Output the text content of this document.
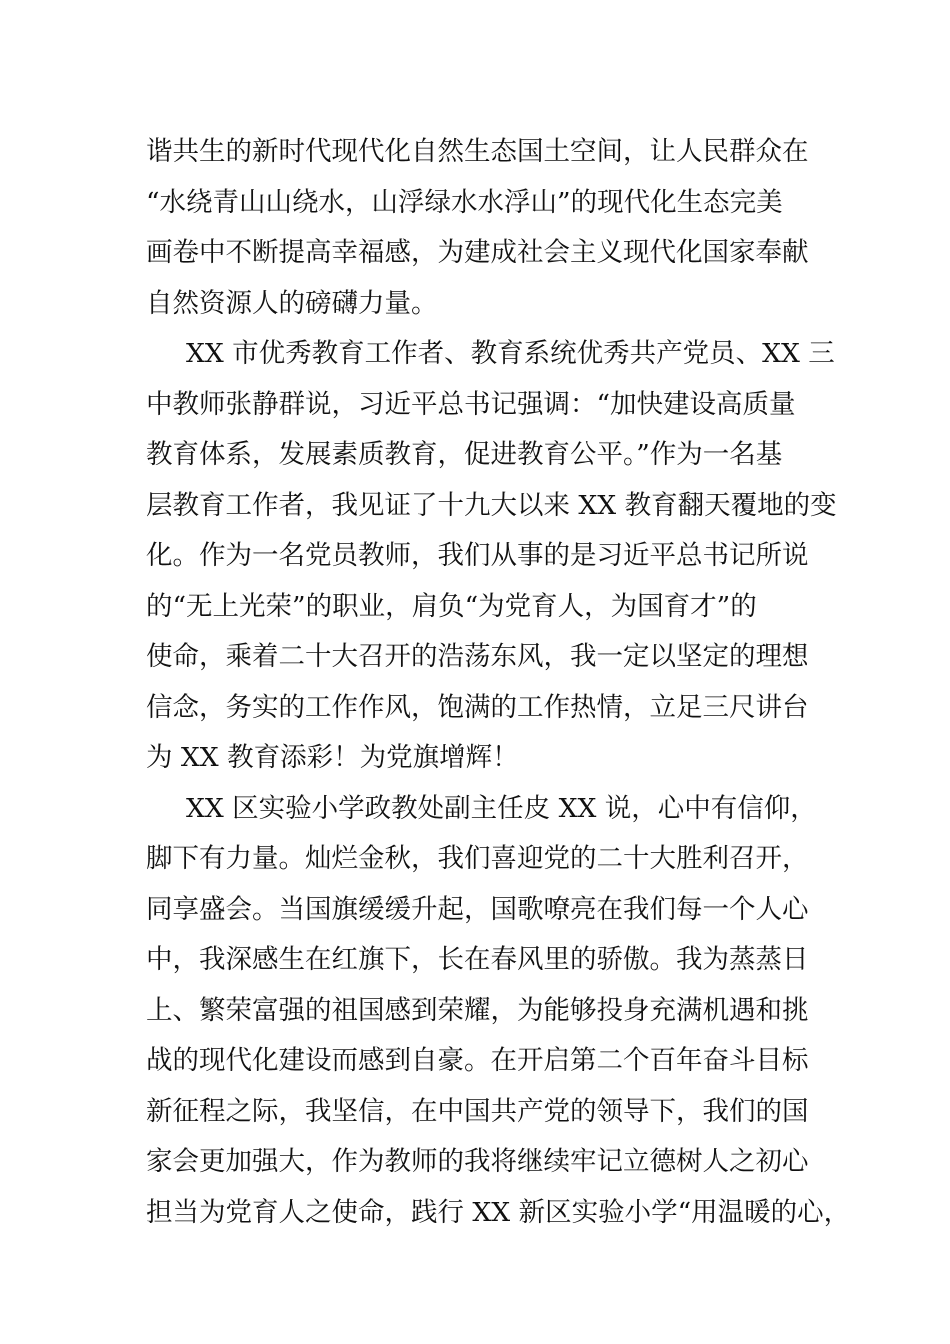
谐共生的新时代现代化自然生态国土空间，让人民群众在
“水绕青山山绕水，山浮绿水水浮山”的现代化生态完美
画卷中不断提高幸福感，为建成社会主义现代化国家奉献
自然资源人的磅礴力量。
XX 市优秀教育工作者、教育系统优秀共产党员、XX 三
中教师张静群说，习近平总书记强调：“加快建设高质量
教育体系，发展素质教育，促进教育公平。”作为一名基
层教育工作者，我见证了十九大以来 XX 教育翻天覆地的变
化。作为一名党员教师，我们从事的是习近平总书记所说
的“无上光荣”的职业，肩负“为党育人，为国育才”的
使命，乘着二十大召开的浩荡东风，我一定以坚定的理想
信念，务实的工作作风，饱满的工作热情，立足三尺讲台
为 XX 教育添彩！为党旗增辉！
XX 区实验小学政教处副主任皮 XX 说，心中有信仰，
脚下有力量。灿烂金秋，我们喜迎党的二十大胜利召开，
同享盛会。当国旗缓缓升起，国歌嘹亮在我们每一个人心
中，我深感生在红旗下，长在春风里的骄傲。我为蒸蒸日
上、繁荣富强的祖国感到荣耀，为能够投身充满机遇和挑
战的现代化建设而感到自豪。在开启第二个百年奋斗目标
新征程之际，我坚信，在中国共产党的领导下，我们的国
家会更加强大，作为教师的我将继续牢记立德树人之初心
担当为党育人之使命，践行 XX 新区实验小学“用温暖的心，
